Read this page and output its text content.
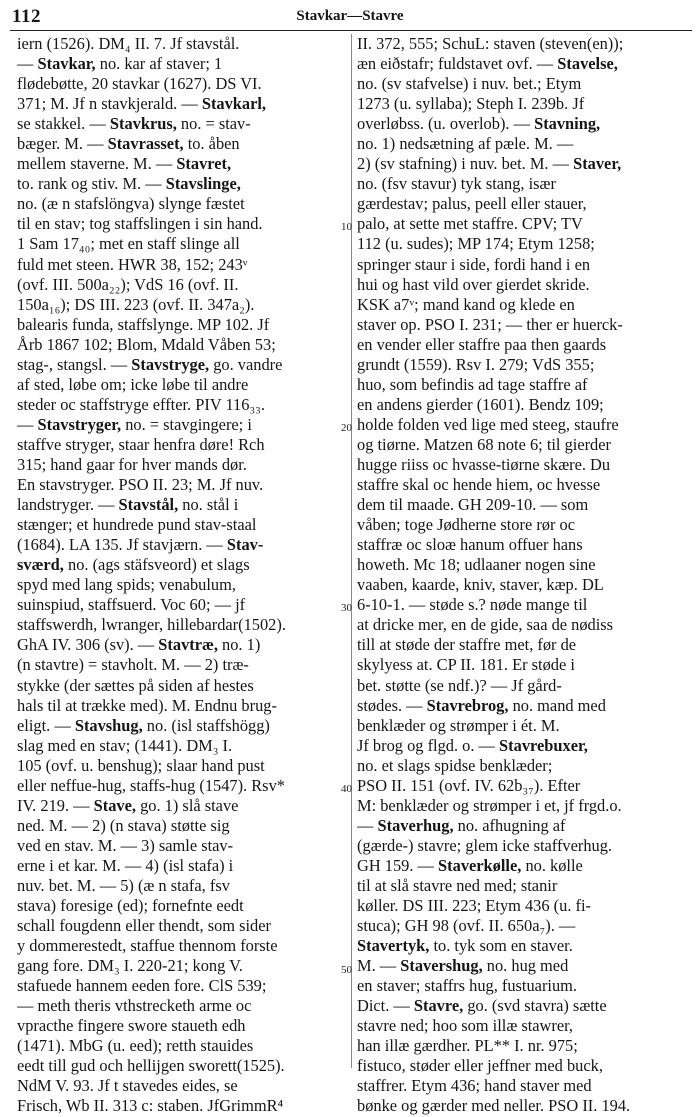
112	Stavkar—Stavre
iern (1526). DM₄ II. 7. Jf stavstål.
— Stavkar, no. kar af staver; 1
flødebøtte, 20 stavkar (1627). DS VI.
371; M. Jf n stavkjerald. — Stavkarl,
se stakkel. — Stavkrus, no. = stav-
bæger. M. — Stavrasset, to. åben
mellem staverne. M. — Stavret,
to. rank og stiv. M. — Stavslinge,
no. (æ n stafslöngva) slynge fæstet
til en stav; tog staffslingen i sin hand.
1 Sam 17₄₀; met en staff slinge all
fuld met steen. HWR 38, 152; 243ᵛ
(ovf. III. 500a₂₂); VdS 16 (ovf. II.
150a₁₆); DS III. 223 (ovf. II. 347a₂).
balearis funda, staffslynge. MP 102. Jf
Årb 1867 102; Blom, Mdald Våben 53;
stag-, stangsl. — Stavstryge, go. vandre
af sted, løbe om; icke løbe til andre
steder oc staffstryge effter. PIV 116₃₃.
— Stavstryger, no. = stavgingere; i
staffve stryger, staar henfra døre! Rch
315; hand gaar for hver mands dør.
En stavstryger. PSO II. 23; M. Jf nuv.
landstryger. — Stavstål, no. stål i
stænger; et hundrede pund stav-staal
(1684). LA 135. Jf stavjærn. — Stav-
sværd, no. (ags stäfsveord) et slags
spyd med lang spids; venabulum,
suinspiud, staffsuerd. Voc 60; — jf
staffswerdh, lwranger, hillebardar(1502).
GhA IV. 306 (sv). — Stavtræ, no. 1)
(n stavtre) = stavholt. M. — 2) træ-
stykke (der sættes på siden af hestes
hals til at trække med). M. Endnu brug-
eligt. — Stavshug, no. (isl staffshögg)
slag med en stav; (1441). DM₃ I.
105 (ovf. u. benshug); slaar hand pust
eller neffue-hug, staffs-hug (1547). Rsv*
IV. 219. — Stave, go. 1) slå stave
ned. M. — 2) (n stava) støtte sig
ved en stav. M. — 3) samle stav-
erne i et kar. M. — 4) (isl stafa) i
nuv. bet. M. — 5) (æ n stafa, fsv
stava) foresige (ed); fornefnte eedt
schall fougdenn eller thendt, som sider
y dommerestedt, staffue thennom forste
gang fore. DM₃ I. 220-21; kong V.
stafuede hannem eeden fore. ClS 539;
— meth theris vthstrecketh arme oc
vpracthe fingere swore staueth edh
(1471). MbG (u. eed); retth stauides
eedt till gud och hellijgen sworett(1525).
NdM V. 93. Jf t stavedes eides, se
Frisch, Wb II. 313 c: staben. JfGrimmR⁴
II. 372, 555; SchuL: staven (steven(en));
æn eiðstafr; fuldstavet ovf. — Stavelse,
no. (sv stafvelse) i nuv. bet.; Etym
1273 (u. syllaba); Steph I. 239b. Jf
overløbss. (u. overlob). — Stavning,
no. 1) nedsætning af pæle. M. —
2) (sv stafning) i nuv. bet. M. — Staver,
no. (fsv stavur) tyk stang, især
gærdestav; palus, peell eller stauer,
palo, at sette met staffre. CPV; TV
112 (u. sudes); MP 174; Etym 1258;
springer staur i side, fordi hand i en
hui og hast vild over gierdet skride.
KSK a7ᵛ; mand kand og klede en
staver op. PSO I. 231; — ther er huerck-
en vender eller staffre paa then gaards
grundt (1559). Rsv I. 279; VdS 355;
huo, som befindis ad tage staffre af
en andens gierder (1601). Bendz 109;
holde folden ved lige med steeg, staufre
og tiørne. Matzen 68 note 6; til gierder
hugge riiss oc hvasse-tiørne skære. Du
staffre skal oc hende hiem, oc hvesse
dem til maade. GH 209-10. — som
våben; toge Jødherne store rør oc
staffræ oc sloæ hanum offuer hans
howeth. Mc 18; udlaaner nogen sine
vaaben, kaarde, kniv, staver, kæp. DL
6-10-1. — støde s.? nøde mange til
at dricke mer, en de gide, saa de nødiss
till at støde der staffre met, før de
skylyess at. CP II. 181. Er støde i
bet. støtte (se ndf.)? — Jf gård-
stødes. — Stavrebrog, no. mand med
benklæder og strømper i ét. M.
Jf brog og flgd. o. — Stavrebuxer,
no. et slags spidse benklæder;
PSO II. 151 (ovf. IV. 62b₃₇). Efter
M: benklæder og strømper i et, jf frgd.o.
— Staverhug, no. afhugning af
(gærde-) stavre; glem icke staffverhug.
GH 159. — Staverkølle, no. kølle
til at slå stavre ned med; stanir
køller. DS III. 223; Etym 436 (u. fi-
stuca); GH 98 (ovf. II. 650a₇). —
Stavertyk, to. tyk som en staver.
M. — Stavershug, no. hug med
en staver; staffrs hug, fustuarium.
Dict. — Stavre, go. (svd stavra) sætte
stavre ned; hoo som illæ stawrer,
han illæ gærdher. PL** I. nr. 975;
fistuco, støder eller jeffner med buck,
staffrer. Etym 436; hand staver med
bønke og gærder med neller. PSO II. 194.
10
20
30
40
50
